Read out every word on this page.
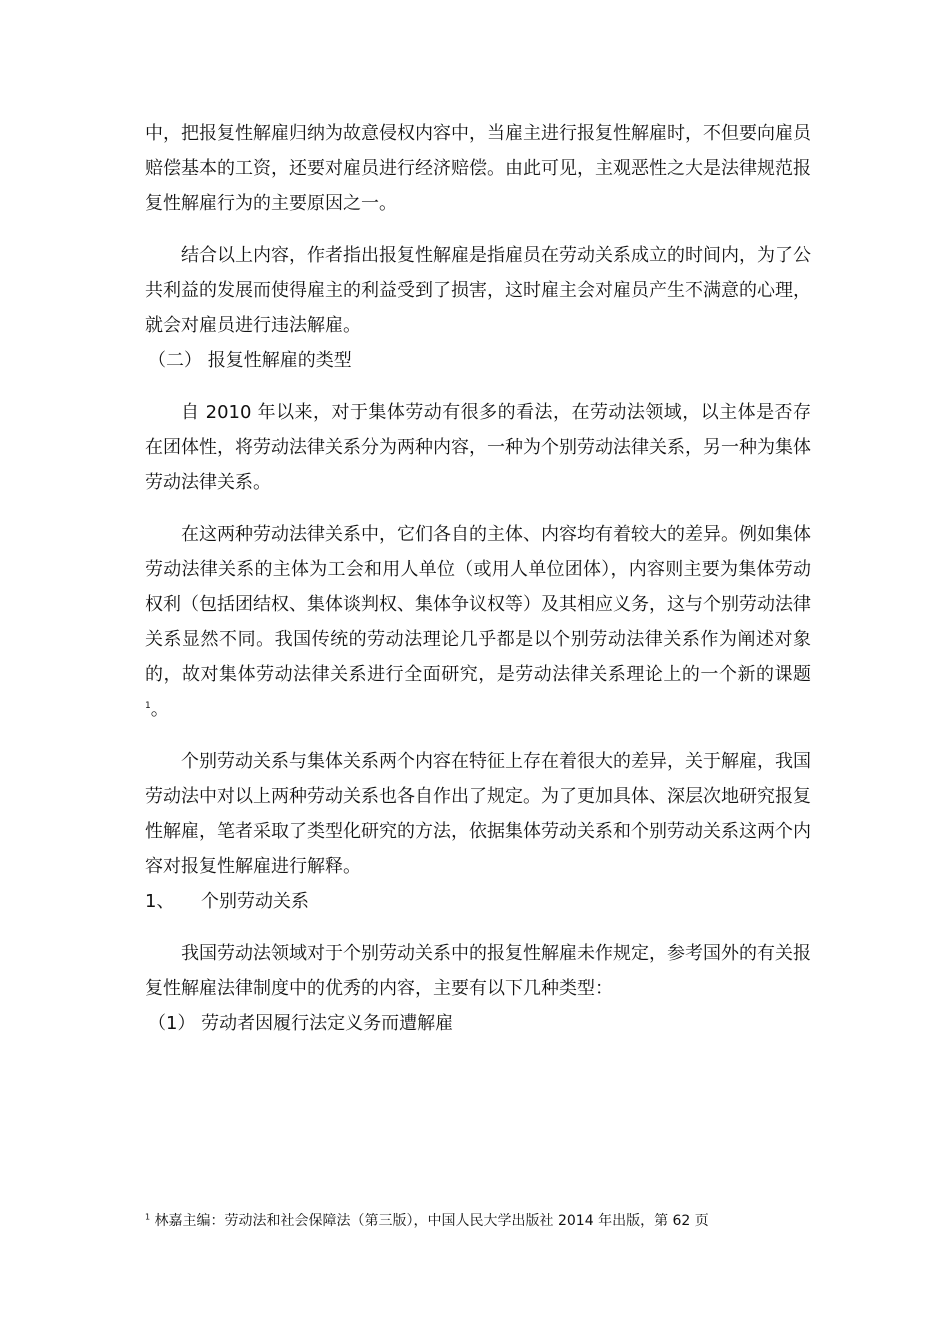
中，把报复性解雇归纳为故意侵权内容中，当雇主进行报复性解雇时，不但要向雇员赔偿基本的工资，还要对雇员进行经济赔偿。由此可见，主观恶性之大是法律规范报复性解雇行为的主要原因之一。

结合以上内容，作者指出报复性解雇是指雇员在劳动关系成立的时间内，为了公共利益的发展而使得雇主的利益受到了损害，这时雇主会对雇员产生不满意的心理，就会对雇员进行违法解雇。

（二） 报复性解雇的类型

自 2010 年以来，对于集体劳动有很多的看法，在劳动法领域，以主体是否存在团体性，将劳动法律关系分为两种内容，一种为个别劳动法律关系，另一种为集体劳动法律关系。

在这两种劳动法律关系中，它们各自的主体、内容均有着较大的差异。例如集体劳动法律关系的主体为工会和用人单位（或用人单位团体），内容则主要为集体劳动权利（包括团结权、集体谈判权、集体争议权等）及其相应义务，这与个别劳动法律关系显然不同。我国传统的劳动法理论几乎都是以个别劳动法律关系作为阐述对象的，故对集体劳动法律关系进行全面研究，是劳动法律关系理论上的一个新的课题$^1$。

个别劳动关系与集体关系两个内容在特征上存在着很大的差异，关于解雇，我国劳动法中对以上两种劳动关系也各自作出了规定。为了更加具体、深层次地研究报复性解雇，笔者采取了类型化研究的方法，依据集体劳动关系和个别劳动关系这两个内容对报复性解雇进行解释。

1、 个别劳动关系

我国劳动法领域对于个别劳动关系中的报复性解雇未作规定，参考国外的有关报复性解雇法律制度中的优秀的内容，主要有以下几种类型：

（1） 劳动者因履行法定义务而遭解雇

$^1$ 林嘉主编：劳动法和社会保障法（第三版），中国人民大学出版社 2014 年出版，第 62 页
